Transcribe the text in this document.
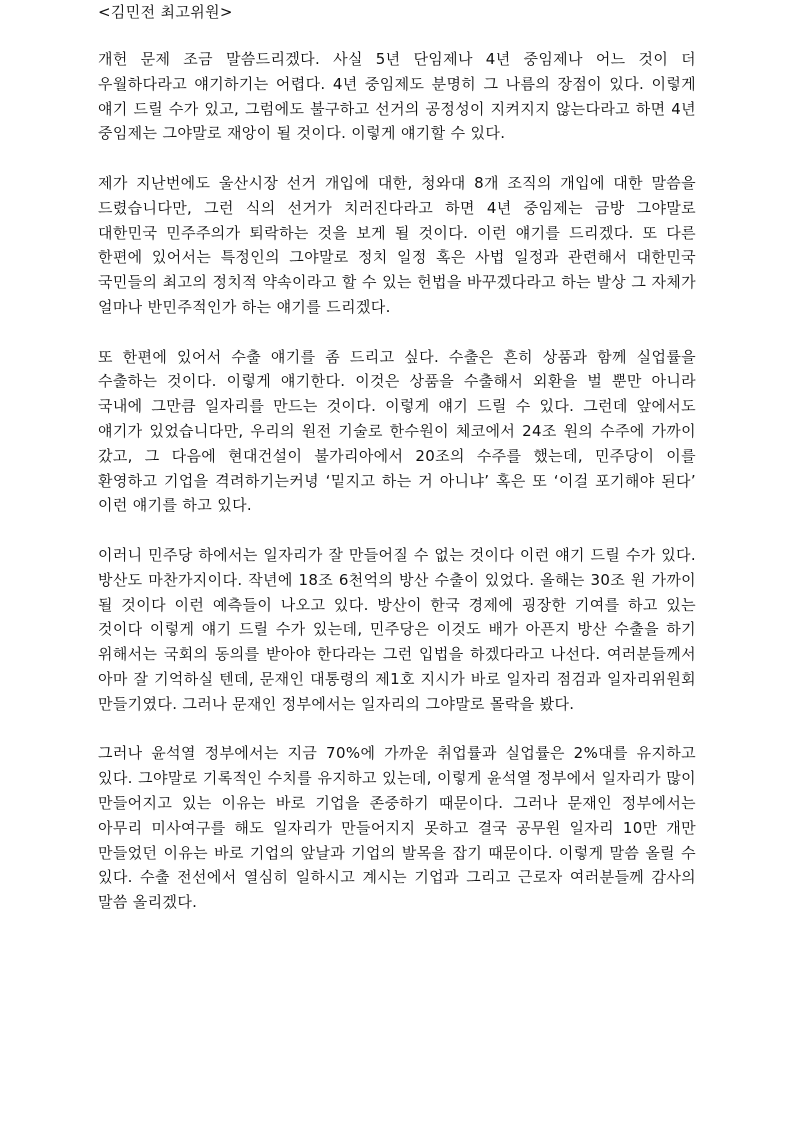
<김민전 최고위원>

개헌 문제 조금 말씀드리겠다. 사실 5년 단임제나 4년 중임제나 어느 것이 더 우월하다라고 얘기하기는 어렵다. 4년 중임제도 분명히 그 나름의 장점이 있다. 이렇게 얘기 드릴 수가 있고, 그럼에도 불구하고 선거의 공정성이 지켜지지 않는다라고 하면 4년 중임제는 그야말로 재앙이 될 것이다. 이렇게 얘기할 수 있다.

제가 지난번에도 울산시장 선거 개입에 대한, 청와대 8개 조직의 개입에 대한 말씀을 드렸습니다만, 그런 식의 선거가 치러진다라고 하면 4년 중임제는 금방 그야말로 대한민국 민주주의가 퇴락하는 것을 보게 될 것이다. 이런 얘기를 드리겠다. 또 다른 한편에 있어서는 특정인의 그야말로 정치 일정 혹은 사법 일정과 관련해서 대한민국 국민들의 최고의 정치적 약속이라고 할 수 있는 헌법을 바꾸겠다라고 하는 발상 그 자체가 얼마나 반민주적인가 하는 얘기를 드리겠다.

또 한편에 있어서 수출 얘기를 좀 드리고 싶다. 수출은 흔히 상품과 함께 실업률을 수출하는 것이다. 이렇게 얘기한다. 이것은 상품을 수출해서 외환을 벌 뿐만 아니라 국내에 그만큼 일자리를 만드는 것이다. 이렇게 얘기 드릴 수 있다. 그런데 앞에서도 얘기가 있었습니다만, 우리의 원전 기술로 한수원이 체코에서 24조 원의 수주에 가까이 갔고, 그 다음에 현대건설이 불가리아에서 20조의 수주를 했는데, 민주당이 이를 환영하고 기업을 격려하기는커녕 ‘밑지고 하는 거 아니냐’ 혹은 또 ‘이걸 포기해야 된다’ 이런 얘기를 하고 있다.

이러니 민주당 하에서는 일자리가 잘 만들어질 수 없는 것이다 이런 얘기 드릴 수가 있다. 방산도 마찬가지이다. 작년에 18조 6천억의 방산 수출이 있었다. 올해는 30조 원 가까이 될 것이다 이런 예측들이 나오고 있다. 방산이 한국 경제에 굉장한 기여를 하고 있는 것이다 이렇게 얘기 드릴 수가 있는데, 민주당은 이것도 배가 아픈지 방산 수출을 하기 위해서는 국회의 동의를 받아야 한다라는 그런 입법을 하겠다라고 나선다. 여러분들께서 아마 잘 기억하실 텐데, 문재인 대통령의 제1호 지시가 바로 일자리 점검과 일자리위원회 만들기였다. 그러나 문재인 정부에서는 일자리의 그야말로 몰락을 봤다.

그러나 윤석열 정부에서는 지금 70%에 가까운 취업률과 실업률은 2%대를 유지하고 있다. 그야말로 기록적인 수치를 유지하고 있는데, 이렇게 윤석열 정부에서 일자리가 많이 만들어지고 있는 이유는 바로 기업을 존중하기 때문이다. 그러나 문재인 정부에서는 아무리 미사여구를 해도 일자리가 만들어지지 못하고 결국 공무원 일자리 10만 개만 만들었던 이유는 바로 기업의 앞날과 기업의 발목을 잡기 때문이다. 이렇게 말씀 올릴 수 있다. 수출 전선에서 열심히 일하시고 계시는 기업과 그리고 근로자 여러분들께 감사의 말씀 올리겠다.
